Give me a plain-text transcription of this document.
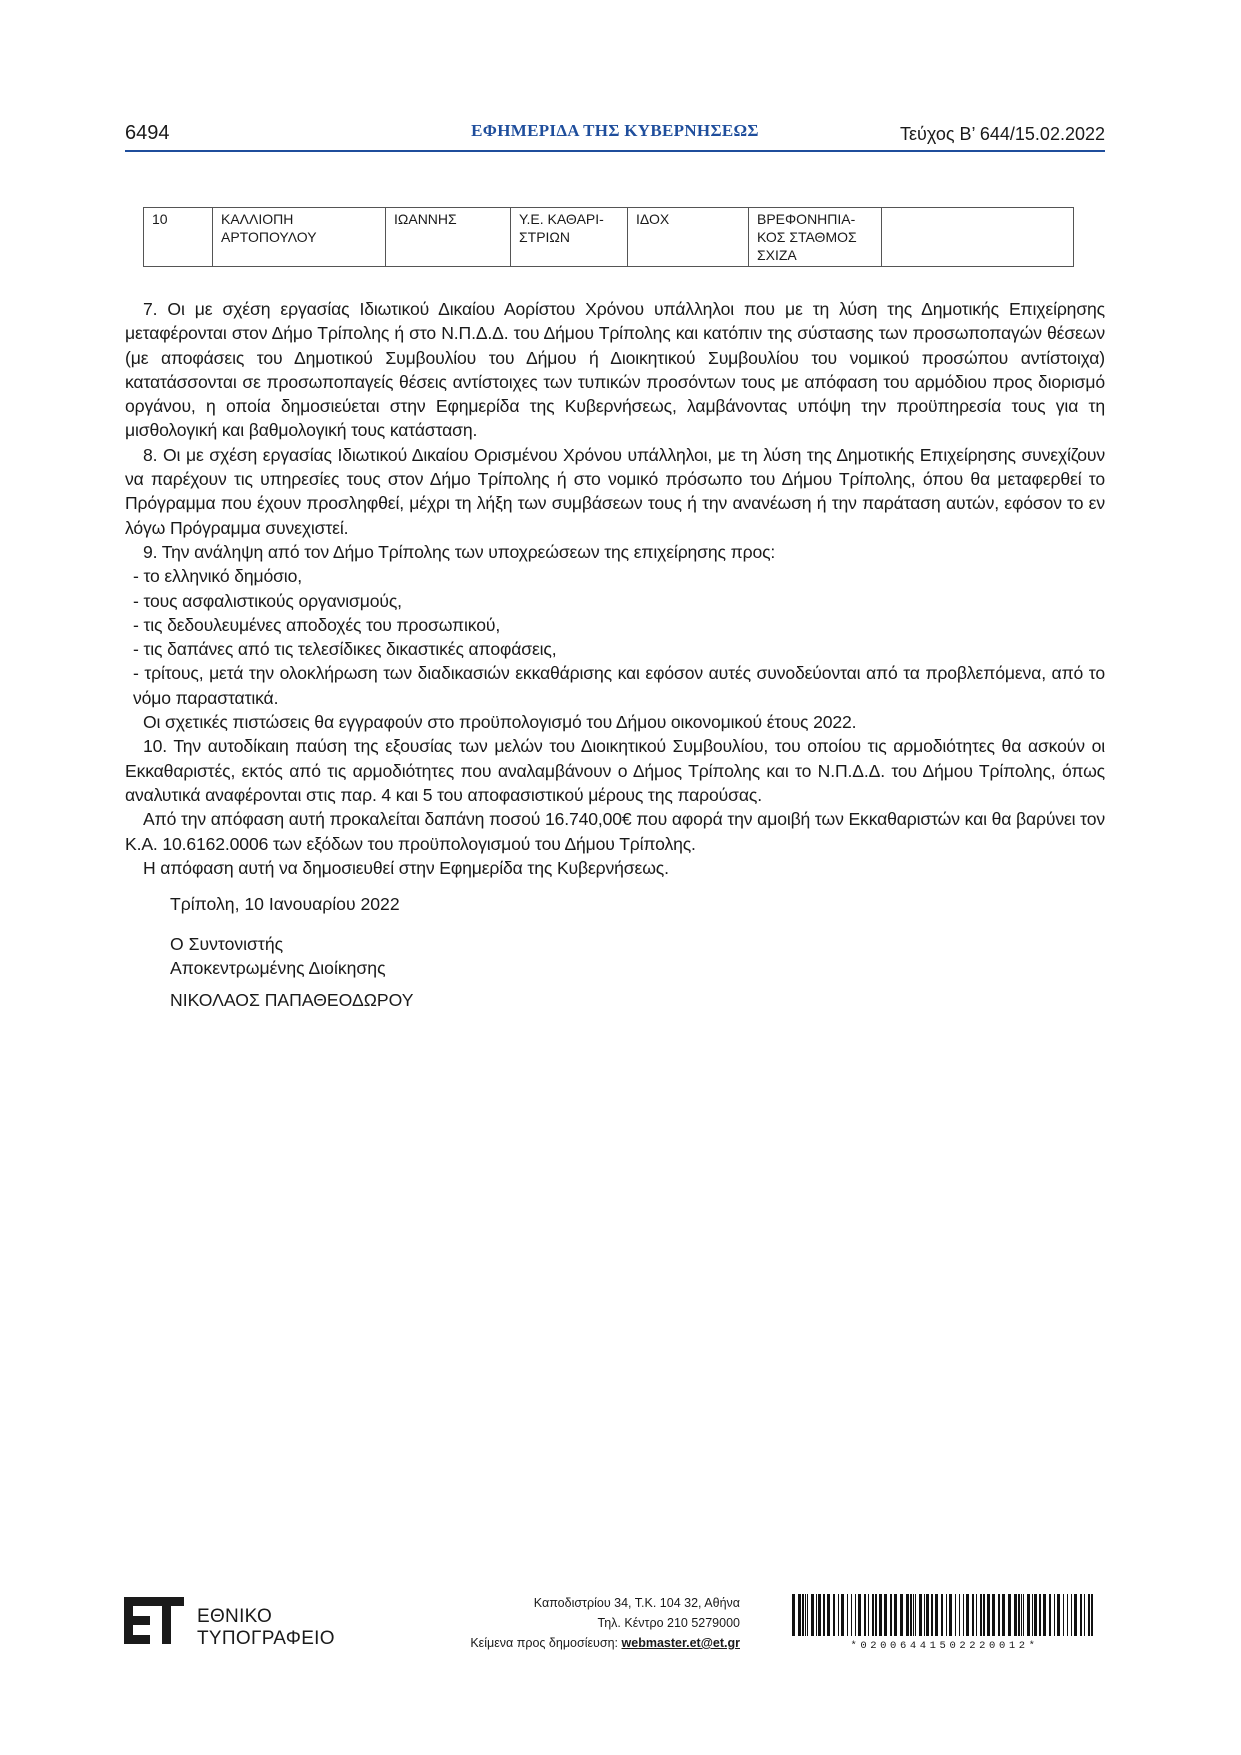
6494	ΕΦΗΜΕΡΙΔΑ ΤΗΣ ΚΥΒΕΡΝΗΣΕΩΣ	Τεύχος B’ 644/15.02.2022
10	ΚΑΛΛΙΟΠΗ ΑΡΤΟΠΟΥΛΟΥ	ΙΩΑΝΝΗΣ	Υ.Ε. ΚΑΘΑΡΙ-ΣΤΡΙΩΝ	ΙΔΟΧ	ΒΡΕΦΟΝΗΠΙΑ-ΚΟΣ ΣΤΑΘΜΟΣ ΣΧΙΖΑ	

7. Οι με σχέση εργασίας Ιδιωτικού Δικαίου Αορίστου Χρόνου υπάλληλοι που με τη λύση της Δημοτικής Επιχείρησης μεταφέρονται στον Δήμο Τρίπολης ή στο Ν.Π.Δ.Δ. του Δήμου Τρίπολης και κατόπιν της σύστασης των προσωποπαγών θέσεων (με αποφάσεις του Δημοτικού Συμβουλίου του Δήμου ή Διοικητικού Συμβουλίου του νομικού προσώπου αντίστοιχα) κατατάσσονται σε προσωποπαγείς θέσεις αντίστοιχες των τυπικών προσόντων τους με απόφαση του αρμόδιου προς διορισμό οργάνου, η οποία δημοσιεύεται στην Εφημερίδα της Κυβερνήσεως, λαμβάνοντας υπόψη την προϋπηρεσία τους για τη μισθολογική και βαθμολογική τους κατάσταση.

8. Οι με σχέση εργασίας Ιδιωτικού Δικαίου Ορισμένου Χρόνου υπάλληλοι, με τη λύση της Δημοτικής Επιχείρησης συνεχίζουν να παρέχουν τις υπηρεσίες τους στον Δήμο Τρίπολης ή στο νομικό πρόσωπο του Δήμου Τρίπολης, όπου θα μεταφερθεί το Πρόγραμμα που έχουν προσληφθεί, μέχρι τη λήξη των συμβάσεων τους ή την ανανέωση ή την παράταση αυτών, εφόσον το εν λόγω Πρόγραμμα συνεχιστεί.

9. Την ανάληψη από τον Δήμο Τρίπολης των υποχρεώσεων της επιχείρησης προς:

- το ελληνικό δημόσιο,

- τους ασφαλιστικούς οργανισμούς,

- τις δεδουλευμένες αποδοχές του προσωπικού,

- τις δαπάνες από τις τελεσίδικες δικαστικές αποφάσεις,

- τρίτους, μετά την ολοκλήρωση των διαδικασιών εκκαθάρισης και εφόσον αυτές συνοδεύονται από τα προβλεπόμενα, από το νόμο παραστατικά.

Οι σχετικές πιστώσεις θα εγγραφούν στο προϋπολογισμό του Δήμου οικονομικού έτους 2022.

10. Την αυτοδίκαιη παύση της εξουσίας των μελών του Διοικητικού Συμβουλίου, του οποίου τις αρμοδιότητες θα ασκούν οι Εκκαθαριστές, εκτός από τις αρμοδιότητες που αναλαμβάνουν ο Δήμος Τρίπολης και το Ν.Π.Δ.Δ. του Δήμου Τρίπολης, όπως αναλυτικά αναφέρονται στις παρ. 4 και 5 του αποφασιστικού μέρους της παρούσας.

Από την απόφαση αυτή προκαλείται δαπάνη ποσού 16.740,00€ που αφορά την αμοιβή των Εκκαθαριστών και θα βαρύνει τον Κ.Α. 10.6162.0006 των εξόδων του προϋπολογισμού του Δήμου Τρίπολης.

Η απόφαση αυτή να δημοσιευθεί στην Εφημερίδα της Κυβερνήσεως.

Τρίπολη, 10 Ιανουαρίου 2022
Ο Συντονιστής
Αποκεντρωμένης Διοίκησης
ΝΙΚΟΛΑΟΣ ΠΑΠΑΘΕΟΔΩΡΟΥ
ΕΘΝΙΚΟ
ΤΥΠΟΓΡΑΦΕΙΟ
Καποδιστρίου 34, Τ.Κ. 104 32, Αθήνα
Τηλ. Κέντρο 210 5279000
Κείμενα προς δημοσίευση: webmaster.et@et.gr	*02006441502220012*
